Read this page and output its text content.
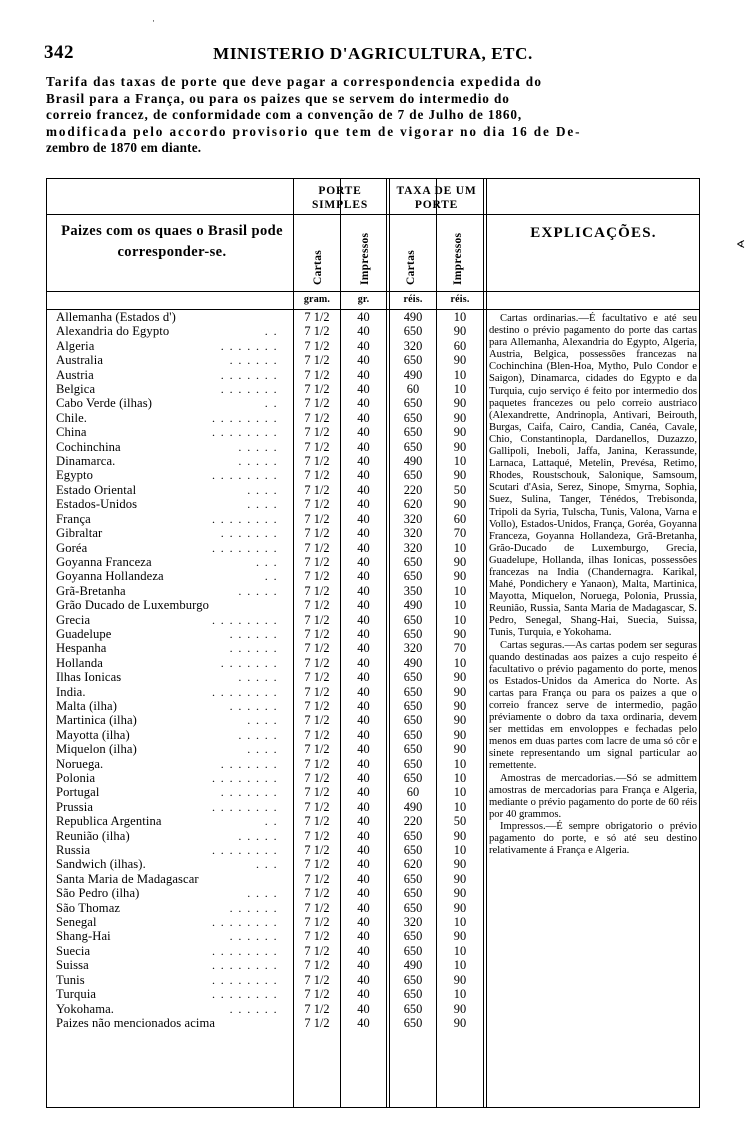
342	MINISTERIO D'AGRICULTURA, ETC.
Tarifa das taxas de porte que deve pagar a correspondencia expedida do
Brasil para a França, ou para os paizes que se servem do intermedio do
correio francez, de conformidade com a convenção de 7 de Julho de 1860,
modificada pelo accordo provisorio que tem de vigorar no dia 16 de De-
zembro de 1870 em diante.
PORTE SIMPLES
TAXA DE UM PORTE
Paizes com os quaes o Brasil pode corresponder-se.
EXPLICAÇÕES.
Cartas	Impressos	Cartas	Impressos
gram.	gr.	réis.	réis.
Allemanha (Estados d')	7 1/2	40	490	10
Alexandria do Egypto	. .	7 1/2	40	650	90
Algeria	. . . . . . .	7 1/2	40	320	60
Australia	. . . . . .	7 1/2	40	650	90
Austria	. . . . . . .	7 1/2	40	490	10
Belgica	. . . . . . .	7 1/2	40	60	10
Cabo Verde (ilhas)	. .	7 1/2	40	650	90
Chile.	. . . . . . . .	7 1/2	40	650	90
China	. . . . . . . .	7 1/2	40	650	90
Cochinchina	. . . . .	7 1/2	40	650	90
Dinamarca.	. . . . .	7 1/2	40	490	10
Egypto	. . . . . . . .	7 1/2	40	650	90
Estado Oriental	. . . .	7 1/2	40	220	50
Estados-Unidos	. . . .	7 1/2	40	620	90
França	. . . . . . . .	7 1/2	40	320	60
Gibraltar	. . . . . . .	7 1/2	40	320	70
Goréa	. . . . . . . .	7 1/2	40	320	10
Goyanna Franceza	. . .	7 1/2	40	650	90
Goyanna Hollandeza	. .	7 1/2	40	650	90
Grã-Bretanha	. . . . .	7 1/2	40	350	10
Grão Ducado de Luxemburgo	7 1/2	40	490	10
Grecia	. . . . . . . .	7 1/2	40	650	10
Guadelupe	. . . . . .	7 1/2	40	650	90
Hespanha	. . . . . .	7 1/2	40	320	70
Hollanda	. . . . . . .	7 1/2	40	490	10
Ilhas Ionicas	. . . . .	7 1/2	40	650	90
India.	. . . . . . . .	7 1/2	40	650	90
Malta (ilha)	. . . . . .	7 1/2	40	650	90
Martinica (ilha)	. . . .	7 1/2	40	650	90
Mayotta (ilha)	. . . . .	7 1/2	40	650	90
Miquelon (ilha)	. . . .	7 1/2	40	650	90
Noruega.	. . . . . . .	7 1/2	40	650	10
Polonia	. . . . . . . .	7 1/2	40	650	10
Portugal	. . . . . . .	7 1/2	40	60	10
Prussia	. . . . . . . .	7 1/2	40	490	10
Republica Argentina	. .	7 1/2	40	220	50
Reunião (ilha)	. . . . .	7 1/2	40	650	90
Russia	. . . . . . . .	7 1/2	40	650	10
Sandwich (ilhas).	. . .	7 1/2	40	620	90
Santa Maria de Madagascar	7 1/2	40	650	90
São Pedro (ilha)	. . . .	7 1/2	40	650	90
São Thomaz	. . . . . .	7 1/2	40	650	90
Senegal	. . . . . . . .	7 1/2	40	320	10
Shang-Hai	. . . . . .	7 1/2	40	650	90
Suecia	. . . . . . . .	7 1/2	40	650	10
Suissa	. . . . . . . .	7 1/2	40	490	10
Tunis	. . . . . . . .	7 1/2	40	650	90
Turquia	. . . . . . . .	7 1/2	40	650	10
Yokohama.	. . . . . .	7 1/2	40	650	90
Paizes não mencionados acima	7 1/2	40	650	90

Cartas ordinarias.—É facultativo e até seu destino o prévio pagamento do porte das cartas para Allemanha, Alexandria do Egypto, Algeria, Austria, Belgica, possessões francezas na Cochinchina (Blen-Hoa, Mytho, Pulo Condor e Saigon), Dinamarca, cidades do Egypto e da Turquia, cujo serviço é feito por intermedio dos paquetes francezes ou pelo correio austriaco (Alexandrette, Andrinopla, Antivari, Beirouth, Burgas, Caifa, Cairo, Candia, Canéa, Cavale, Chio, Constantinopla, Dardanellos, Duzazzo, Gallipoli, Ineboli, Jaffa, Janina, Kerassunde, Larnaca, Lattaqué, Metelin, Prevésa, Retimo, Rhodes, Roustschouk, Salonique, Samsoum, Scutari d'Asia, Serez, Sinope, Smyrna, Sophia, Suez, Sulina, Tanger, Ténédos, Trebisonda, Tripoli da Syria, Tulscha, Tunis, Valona, Varna e Vollo), Estados-Unidos, França, Goréa, Goyanna Franceza, Goyanna Hollandeza, Grã-Bretanha, Grão-Ducado de Luxemburgo, Grecia, Guadelupe, Hollanda, ilhas Ionicas, possessões francezas na India (Chandernagra. Karikal, Mahé, Pondichery e Yanaon), Malta, Martinica, Mayotta, Miquelon, Noruega, Polonia, Prussia, Reunião, Russia, Santa Maria de Madagascar, S. Pedro, Senegal, Shang-Hai, Suecia, Suissa, Tunis, Turquia, e Yokohama.

Cartas seguras.—As cartas podem ser seguras quando destinadas aos paizes a cujo respeito é facultativo o prévio pagamento do porte, menos os Estados-Unidos da America do Norte. As cartas para França ou para os paizes a que o correio francez serve de intermedio, pagão préviamente o dobro da taxa ordinaria, devem ser mettidas em envoloppes e fechadas pelo menos em duas partes com lacre de uma só côr e sinete representando um signal particular ao remettente.

Amostras de mercadorias.—Só se admittem amostras de mercadorias para França e Algeria, mediante o prévio pagamento do porte de 60 réis por 40 grammos.

Impressos.—É sempre obrigatorio o prévio pagamento do porte, e só até seu destino relativamente á França e Algeria.

∢
·
